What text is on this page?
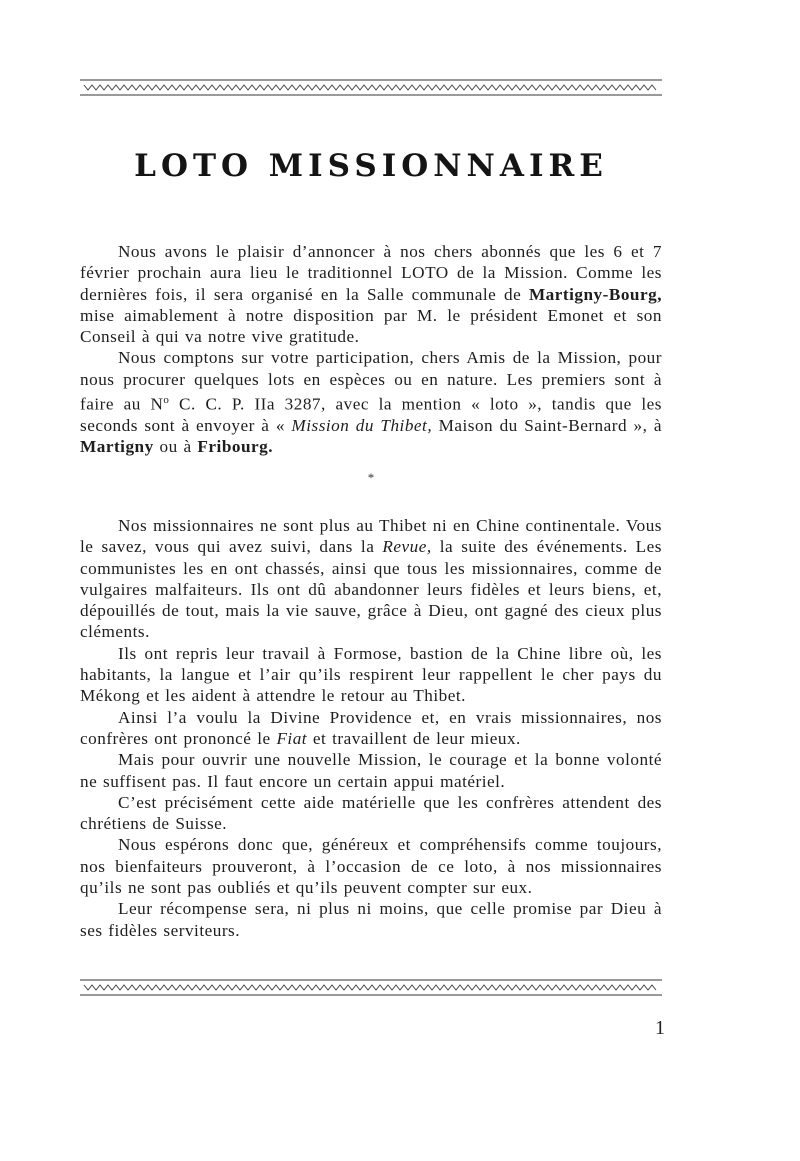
LOTO MISSIONNAIRE

Nous avons le plaisir d’annoncer à nos chers abonnés que les 6 et 7 février prochain aura lieu le traditionnel LOTO de la Mission. Comme les dernières fois, il sera organisé en la Salle communale de Martigny-Bourg, mise aimablement à notre disposition par M. le président Emonet et son Conseil à qui va notre vive gratitude.

Nous comptons sur votre participation, chers Amis de la Mission, pour nous procurer quelques lots en espèces ou en nature. Les premiers sont à faire au $N^o$ C. C. P. IIa 3287, avec la mention « loto », tandis que les seconds sont à envoyer à « Mission du Thibet, Maison du Saint-Bernard », à Martigny ou à Fribourg.

*

Nos missionnaires ne sont plus au Thibet ni en Chine continentale. Vous le savez, vous qui avez suivi, dans la Revue, la suite des événements. Les communistes les en ont chassés, ainsi que tous les missionnaires, comme de vulgaires malfaiteurs. Ils ont dû abandonner leurs fidèles et leurs biens, et, dépouillés de tout, mais la vie sauve, grâce à Dieu, ont gagné des cieux plus cléments.

Ils ont repris leur travail à Formose, bastion de la Chine libre où, les habitants, la langue et l’air qu’ils respirent leur rappellent le cher pays du Mékong et les aident à attendre le retour au Thibet.

Ainsi l’a voulu la Divine Providence et, en vrais missionnaires, nos confrères ont prononcé le Fiat et travaillent de leur mieux.

Mais pour ouvrir une nouvelle Mission, le courage et la bonne volonté ne suffisent pas. Il faut encore un certain appui matériel.

C’est précisément cette aide matérielle que les confrères attendent des chrétiens de Suisse.

Nous espérons donc que, généreux et compréhensifs comme toujours, nos bienfaiteurs prouveront, à l’occasion de ce loto, à nos missionnaires qu’ils ne sont pas oubliés et qu’ils peuvent compter sur eux.

Leur récompense sera, ni plus ni moins, que celle promise par Dieu à ses fidèles serviteurs.

1
